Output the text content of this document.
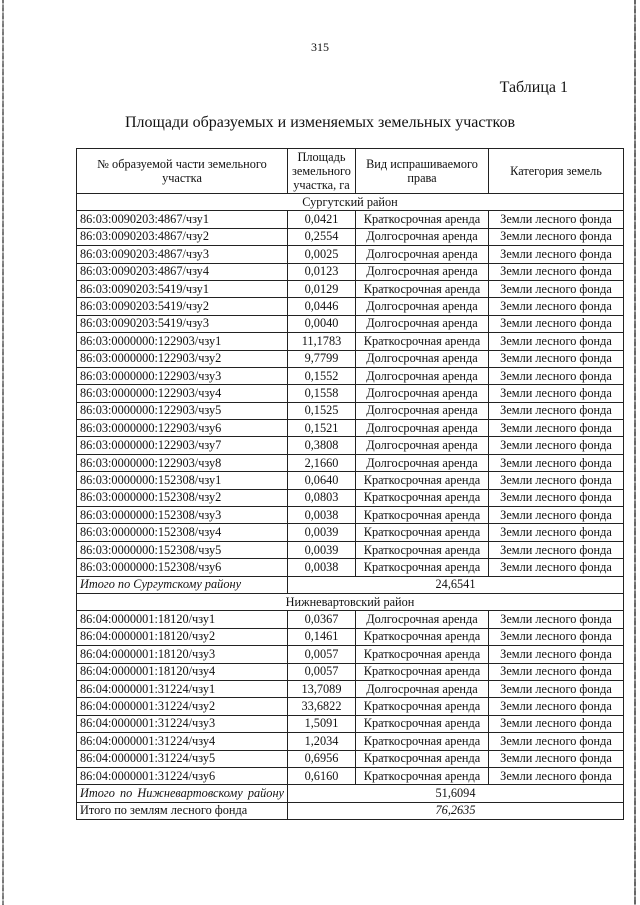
315
Таблица 1
Площади образуемых и изменяемых земельных участков
№ образуемой части земельного участка	Площадь земельного участка, га	Вид испрашиваемого права	Категория земель
Сургутский район			
86:03:0090203:4867/чзу1	0,0421	Краткосрочная аренда	Земли лесного фонда
86:03:0090203:4867/чзу2	0,2554	Долгосрочная аренда	Земли лесного фонда
86:03:0090203:4867/чзу3	0,0025	Долгосрочная аренда	Земли лесного фонда
86:03:0090203:4867/чзу4	0,0123	Долгосрочная аренда	Земли лесного фонда
86:03:0090203:5419/чзу1	0,0129	Краткосрочная аренда	Земли лесного фонда
86:03:0090203:5419/чзу2	0,0446	Долгосрочная аренда	Земли лесного фонда
86:03:0090203:5419/чзу3	0,0040	Долгосрочная аренда	Земли лесного фонда
86:03:0000000:122903/чзу1	11,1783	Краткосрочная аренда	Земли лесного фонда
86:03:0000000:122903/чзу2	9,7799	Долгосрочная аренда	Земли лесного фонда
86:03:0000000:122903/чзу3	0,1552	Долгосрочная аренда	Земли лесного фонда
86:03:0000000:122903/чзу4	0,1558	Долгосрочная аренда	Земли лесного фонда
86:03:0000000:122903/чзу5	0,1525	Долгосрочная аренда	Земли лесного фонда
86:03:0000000:122903/чзу6	0,1521	Долгосрочная аренда	Земли лесного фонда
86:03:0000000:122903/чзу7	0,3808	Долгосрочная аренда	Земли лесного фонда
86:03:0000000:122903/чзу8	2,1660	Долгосрочная аренда	Земли лесного фонда
86:03:0000000:152308/чзу1	0,0640	Краткосрочная аренда	Земли лесного фонда
86:03:0000000:152308/чзу2	0,0803	Краткосрочная аренда	Земли лесного фонда
86:03:0000000:152308/чзу3	0,0038	Краткосрочная аренда	Земли лесного фонда
86:03:0000000:152308/чзу4	0,0039	Краткосрочная аренда	Земли лесного фонда
86:03:0000000:152308/чзу5	0,0039	Краткосрочная аренда	Земли лесного фонда
86:03:0000000:152308/чзу6	0,0038	Краткосрочная аренда	Земли лесного фонда
Итого по Сургутскому району	24,6541		
Нижневартовский район			
86:04:0000001:18120/чзу1	0,0367	Долгосрочная аренда	Земли лесного фонда
86:04:0000001:18120/чзу2	0,1461	Краткосрочная аренда	Земли лесного фонда
86:04:0000001:18120/чзу3	0,0057	Краткосрочная аренда	Земли лесного фонда
86:04:0000001:18120/чзу4	0,0057	Краткосрочная аренда	Земли лесного фонда
86:04:0000001:31224/чзу1	13,7089	Долгосрочная аренда	Земли лесного фонда
86:04:0000001:31224/чзу2	33,6822	Краткосрочная аренда	Земли лесного фонда
86:04:0000001:31224/чзу3	1,5091	Краткосрочная аренда	Земли лесного фонда
86:04:0000001:31224/чзу4	1,2034	Краткосрочная аренда	Земли лесного фонда
86:04:0000001:31224/чзу5	0,6956	Краткосрочная аренда	Земли лесного фонда
86:04:0000001:31224/чзу6	0,6160	Краткосрочная аренда	Земли лесного фонда
Итого по Нижневартовскому району	51,6094		
Итого по землям лесного фонда	76,2635		
